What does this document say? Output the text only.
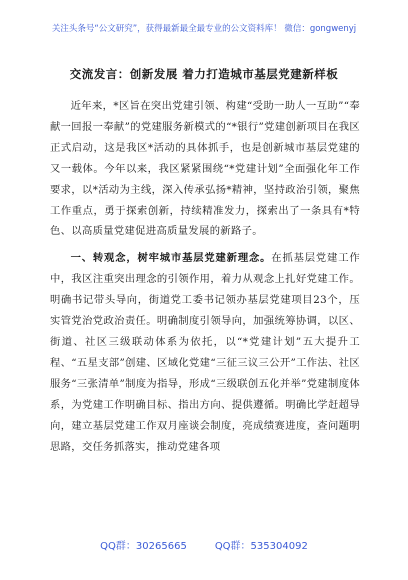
关注头条号“公文研究”，获得最新最全最专业的公文资料库！ 微信：gongwenyj
交流发言：创新发展 着力打造城市基层党建新样板

近年来，*区旨在突出党建引领、构建“受助一助人一互助”“奉献一回报一奉献”的党建服务新模式的“*银行”党建创新项目在我区正式启动，这是我区*活动的具体抓手，也是创新城市基层党建的又一载体。今年以来，我区紧紧围绕“*党建计划”全面强化年工作要求，以*活动为主线，深入传承弘扬*精神，坚持政治引领，聚焦工作重点，勇于探索创新，持续精准发力，探索出了一条具有*特色、以高质量党建促进高质量发展的新路子。

一、转观念，树牢城市基层党建新理念。在抓基层党建工作中，我区注重突出理念的引领作用，着力从观念上扎好党建工作。明确书记带头导向，街道党工委书记领办基层党建项目23个，压实管党治党政治责任。明确制度引领导向，加强统筹协调，以区、街道、社区三级联动体系为依托，以“*党建计划”五大提升工程、“五星支部”创建、区域化党建“三征三议三公开”工作法、社区服务“三张清单”制度为指导，形成“三级联创五化并举”党建制度体系，为党建工作明确目标、指出方向、提供遵循。明确比学赶超导向，建立基层党建工作双月座谈会制度，亮成绩赛进度，查问题明思路，交任务抓落实，推动党建各项

QQ群：30265665	QQ群：535304092
